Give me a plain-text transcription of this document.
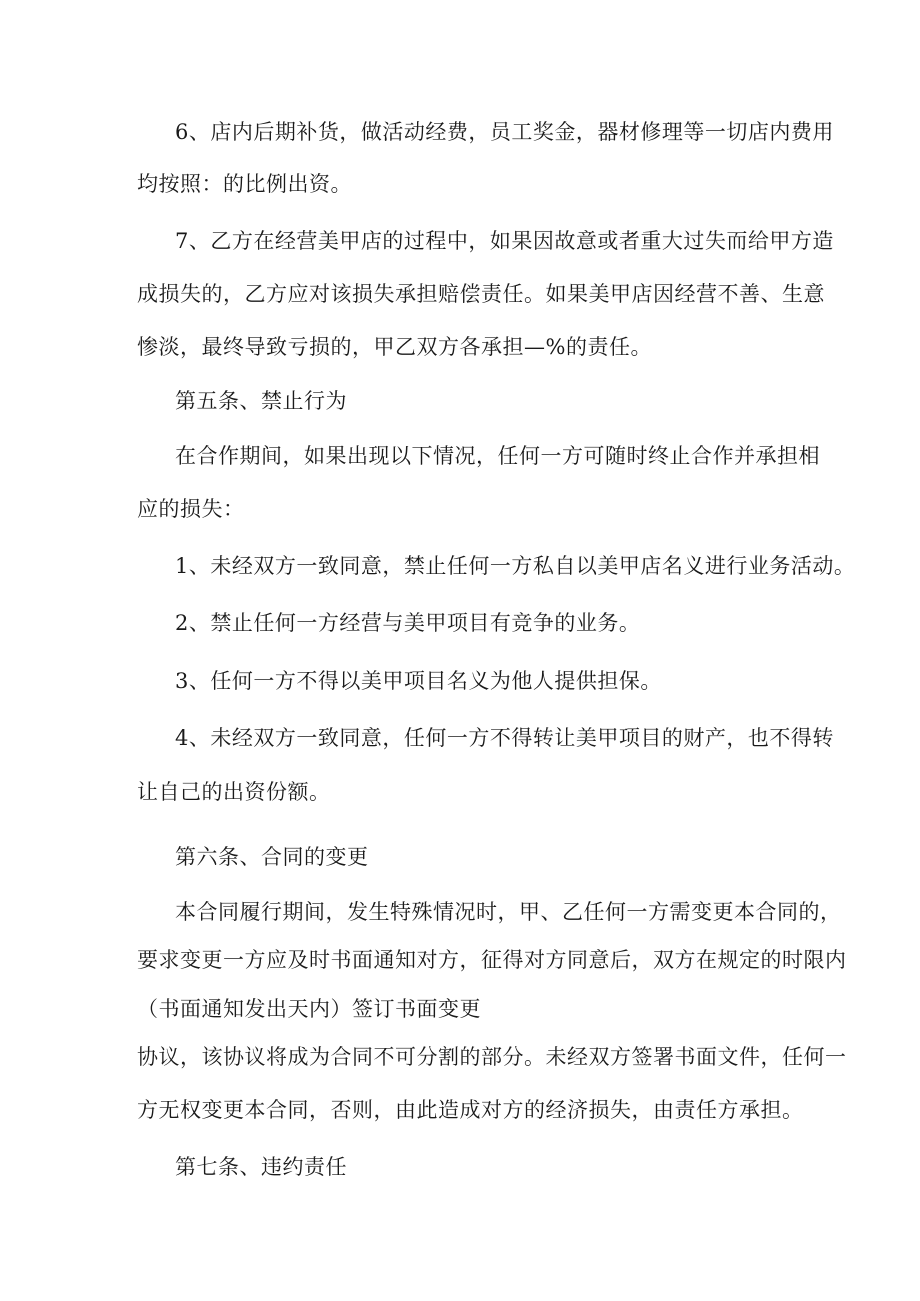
6、店内后期补货，做活动经费，员工奖金，器材修理等一切店内费用
均按照：的比例出资。
7、乙方在经营美甲店的过程中，如果因故意或者重大过失而给甲方造
成损失的，乙方应对该损失承担赔偿责任。如果美甲店因经营不善、生意
惨淡，最终导致亏损的，甲乙双方各承担—%的责任。
第五条、禁止行为
在合作期间，如果出现以下情况，任何一方可随时终止合作并承担相
应的损失：
1、未经双方一致同意，禁止任何一方私自以美甲店名义进行业务活动。
2、禁止任何一方经营与美甲项目有竞争的业务。
3、任何一方不得以美甲项目名义为他人提供担保。
4、未经双方一致同意，任何一方不得转让美甲项目的财产，也不得转
让自己的出资份额。
第六条、合同的变更
本合同履行期间，发生特殊情况时，甲、乙任何一方需变更本合同的，
要求变更一方应及时书面通知对方，征得对方同意后，双方在规定的时限内
（书面通知发出天内）签订书面变更
协议，该协议将成为合同不可分割的部分。未经双方签署书面文件，任何一
方无权变更本合同，否则，由此造成对方的经济损失，由责任方承担。
第七条、违约责任
